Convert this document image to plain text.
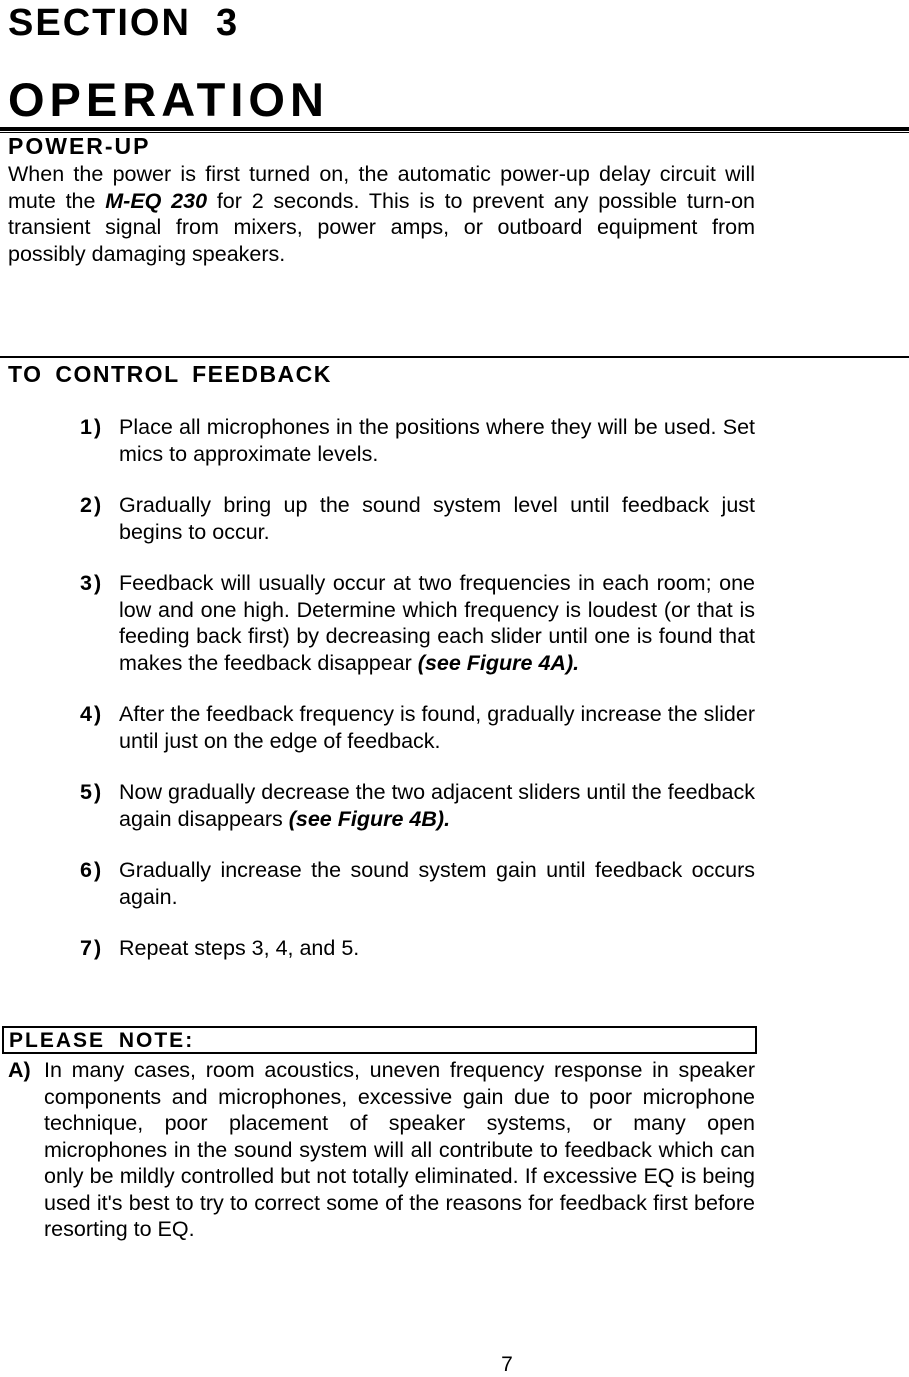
SECTION  3
OPERATION
POWER-UP

When the power is first turned on, the automatic power-up delay circuit will mute the M-EQ 230 for 2 seconds. This is to prevent any possible turn-on transient signal from mixers, power amps, or outboard equipment from possibly damaging speakers.

TO CONTROL FEEDBACK
1) Place all microphones in the positions where they will be used. Set mics to approximate levels.
2) Gradually bring up the sound system level until feedback just begins to occur.
3) Feedback will usually occur at two frequencies in each room; one low and one high. Determine which frequency is loudest (or that is feeding back first) by decreasing each slider until one is found that makes the feedback disappear (see Figure 4A).
4) After the feedback frequency is found, gradually increase the slider until just on the edge of feedback.
5) Now gradually decrease the two adjacent sliders until the feedback again disappears (see Figure 4B).
6) Gradually increase the sound system gain until feedback occurs again.
7) Repeat steps 3, 4, and 5.
PLEASE NOTE:
A) In many cases, room acoustics, uneven frequency response in speaker components and microphones, excessive gain due to poor microphone technique, poor placement of speaker systems, or many open microphones in the sound system will all contribute to feedback which can only be mildly controlled but not totally eliminated. If excessive EQ is being used it's best to try to correct some of the reasons for feedback first before resorting to EQ.
7
